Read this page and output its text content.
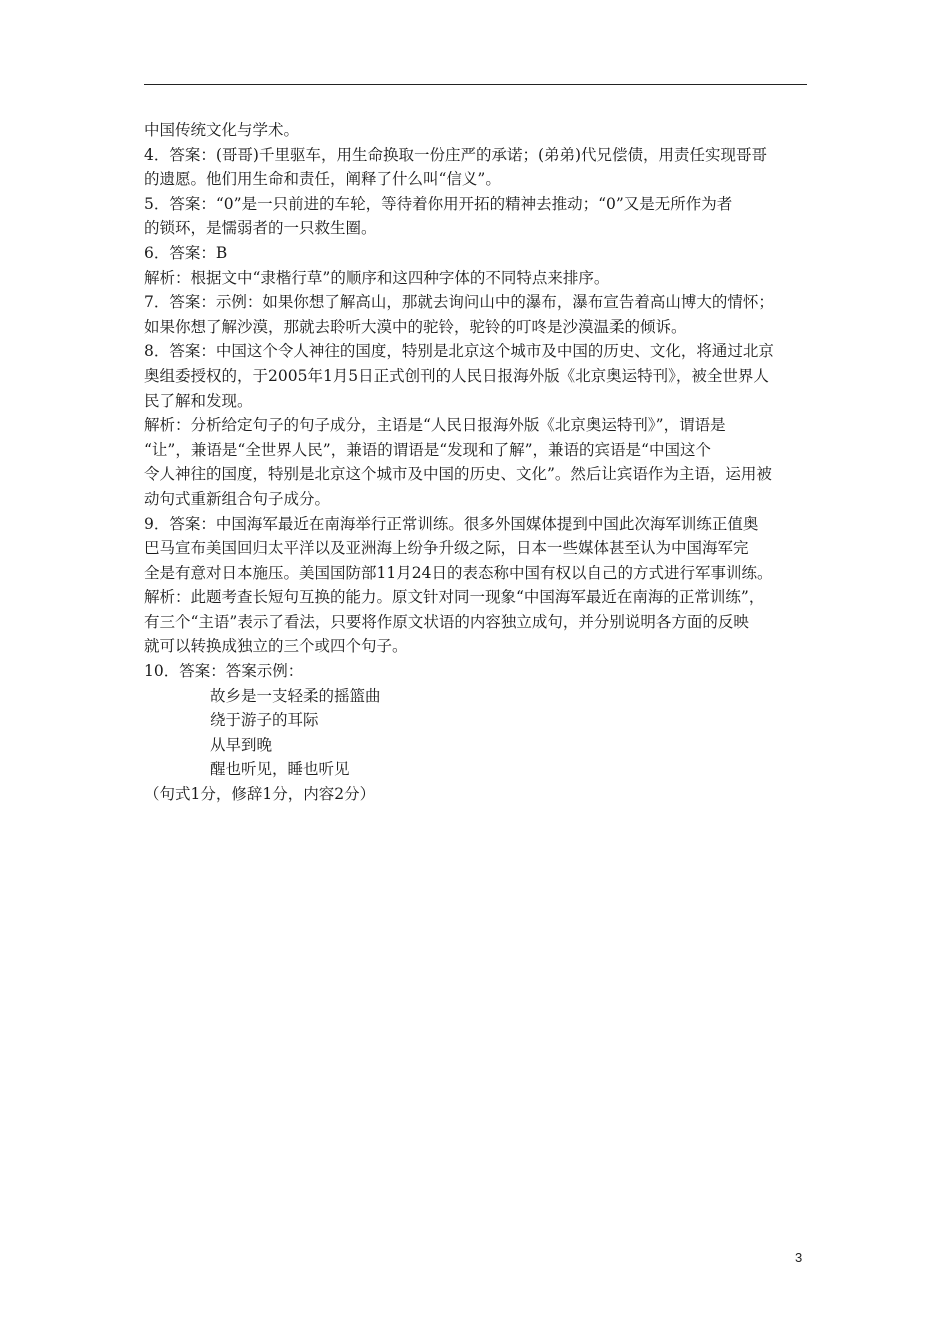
中国传统文化与学术。
4．答案：(哥哥)千里驱车，用生命换取一份庄严的承诺；(弟弟)代兄偿债，用责任实现哥哥
的遗愿。他们用生命和责任，阐释了什么叫“信义”。
5．答案：“0”是一只前进的车轮，等待着你用开拓的精神去推动；“0”又是无所作为者
的锁环，是懦弱者的一只救生圈。
6．答案：B
解析：根据文中“隶楷行草”的顺序和这四种字体的不同特点来排序。
7．答案：示例：如果你想了解高山，那就去询问山中的瀑布，瀑布宣告着高山博大的情怀；
如果你想了解沙漠，那就去聆听大漠中的驼铃，驼铃的叮咚是沙漠温柔的倾诉。
8．答案：中国这个令人神往的国度，特别是北京这个城市及中国的历史、文化，将通过北京
奥组委授权的，于2005年1月5日正式创刊的人民日报海外版《北京奥运特刊》，被全世界人
民了解和发现。
解析：分析给定句子的句子成分，主语是“人民日报海外版《北京奥运特刊》”，谓语是
“让”，兼语是“全世界人民”，兼语的谓语是“发现和了解”，兼语的宾语是“中国这个
令人神往的国度，特别是北京这个城市及中国的历史、文化”。然后让宾语作为主语，运用被
动句式重新组合句子成分。
9．答案：中国海军最近在南海举行正常训练。很多外国媒体提到中国此次海军训练正值奥
巴马宣布美国回归太平洋以及亚洲海上纷争升级之际，日本一些媒体甚至认为中国海军完
全是有意对日本施压。美国国防部11月24日的表态称中国有权以自己的方式进行军事训练。
解析：此题考查长短句互换的能力。原文针对同一现象“中国海军最近在南海的正常训练”，
有三个“主语”表示了看法，只要将作原文状语的内容独立成句，并分别说明各方面的反映
就可以转换成独立的三个或四个句子。
10．答案：答案示例：
故乡是一支轻柔的摇篮曲
绕于游子的耳际
从早到晚
醒也听见，睡也听见
（句式1分，修辞1分，内容2分）
3
